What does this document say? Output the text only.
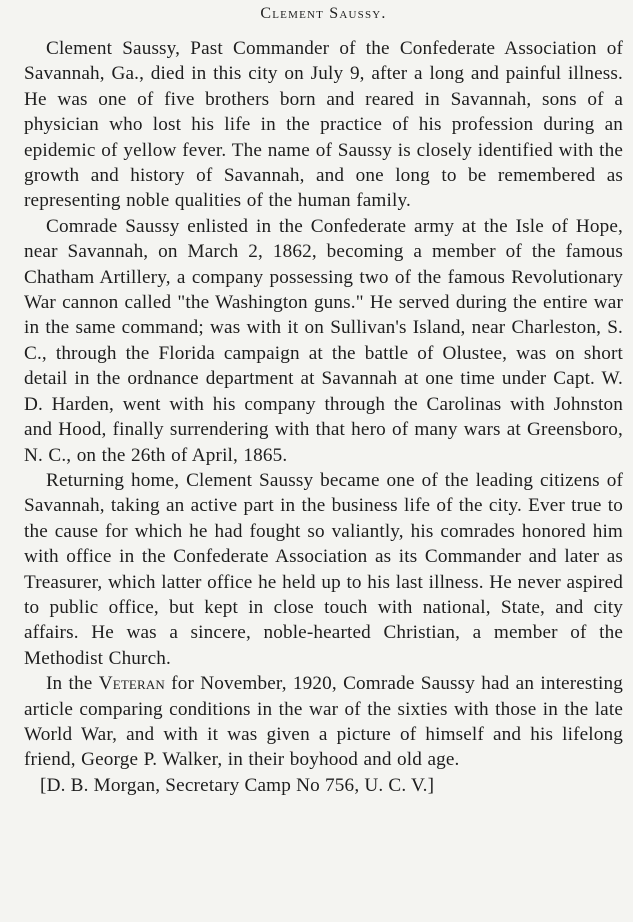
Clement Saussy.

Clement Saussy, Past Commander of the Confederate Association of Savannah, Ga., died in this city on July 9, after a long and painful illness. He was one of five brothers born and reared in Savannah, sons of a physician who lost his life in the practice of his profession during an epidemic of yellow fever. The name of Saussy is closely identified with the growth and history of Savannah, and one long to be remembered as representing noble qualities of the human family.

Comrade Saussy enlisted in the Confederate army at the Isle of Hope, near Savannah, on March 2, 1862, becoming a member of the famous Chatham Artillery, a company possessing two of the famous Revolutionary War cannon called "the Washington guns." He served during the entire war in the same command; was with it on Sullivan's Island, near Charleston, S. C., through the Florida campaign at the battle of Olustee, was on short detail in the ordnance department at Savannah at one time under Capt. W. D. Harden, went with his company through the Carolinas with Johnston and Hood, finally surrendering with that hero of many wars at Greensboro, N. C., on the 26th of April, 1865.

Returning home, Clement Saussy became one of the leading citizens of Savannah, taking an active part in the business life of the city. Ever true to the cause for which he had fought so valiantly, his comrades honored him with office in the Confederate Association as its Commander and later as Treasurer, which latter office he held up to his last illness. He never aspired to public office, but kept in close touch with national, State, and city affairs. He was a sincere, noble-hearted Christian, a member of the Methodist Church.

In the Veteran for November, 1920, Comrade Saussy had an interesting article comparing conditions in the war of the sixties with those in the late World War, and with it was given a picture of himself and his lifelong friend, George P. Walker, in their boyhood and old age.

[D. B. Morgan, Secretary Camp No 756, U. C. V.]
